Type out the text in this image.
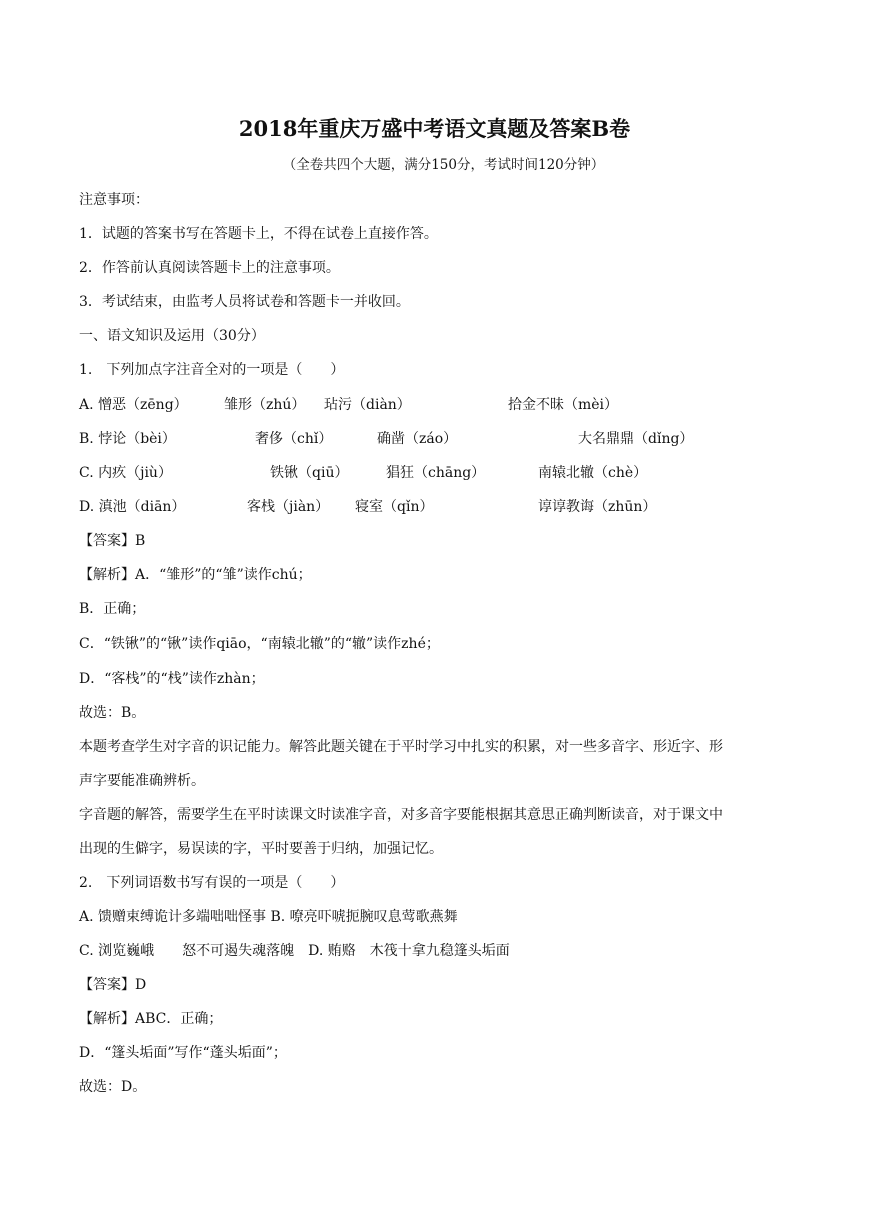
2018年重庆万盛中考语文真题及答案B卷
（全卷共四个大题，满分150分，考试时间120分钟）
注意事项：
1．试题的答案书写在答题卡上，不得在试卷上直接作答。
2．作答前认真阅读答题卡上的注意事项。
3．考试结束，由监考人员将试卷和答题卡一并收回。
一、语文知识及运用（30分）
1.　下列加点字注音全对的一项是（　　）
A. 憎恶（zēng）	雏形（zhú） 玷污（diàn）	拾金不昧（mèi）
B. 悖论（bèi）	奢侈（chǐ）	确凿（záo）	大名鼎鼎（dǐng）
C. 内疚（jiù）	铁锹（qiū）	猖狂（chāng）	南辕北辙（chè）
D. 滇池（diān）	客栈（jiàn） 寝室（qǐn）	谆谆教诲（zhūn）
【答案】B
【解析】A．“雏形”的“雏”读作chú；
B．正确；
C．“铁锹”的“锹”读作qiāo，“南辕北辙”的“辙”读作zhé；
D．“客栈”的“栈”读作zhàn；
故选：B。
本题考查学生对字音的识记能力。解答此题关键在于平时学习中扎实的积累，对一些多音字、形近字、形
声字要能准确辨析。
字音题的解答，需要学生在平时读课文时读准字音，对多音字要能根据其意思正确判断读音，对于课文中
出现的生僻字，易误读的字，平时要善于归纳，加强记忆。
2.　下列词语数书写有误的一项是（　　）
A. 馈赠束缚诡计多端咄咄怪事 B. 嘹亮吓唬扼腕叹息莺歌燕舞
C. 浏览巍峨　　怒不可遏失魂落魄　D. 贿赂　木筏十拿九稳篷头垢面
【答案】D
【解析】ABC．正确；
D．“篷头垢面”写作“蓬头垢面”；
故选：D。
